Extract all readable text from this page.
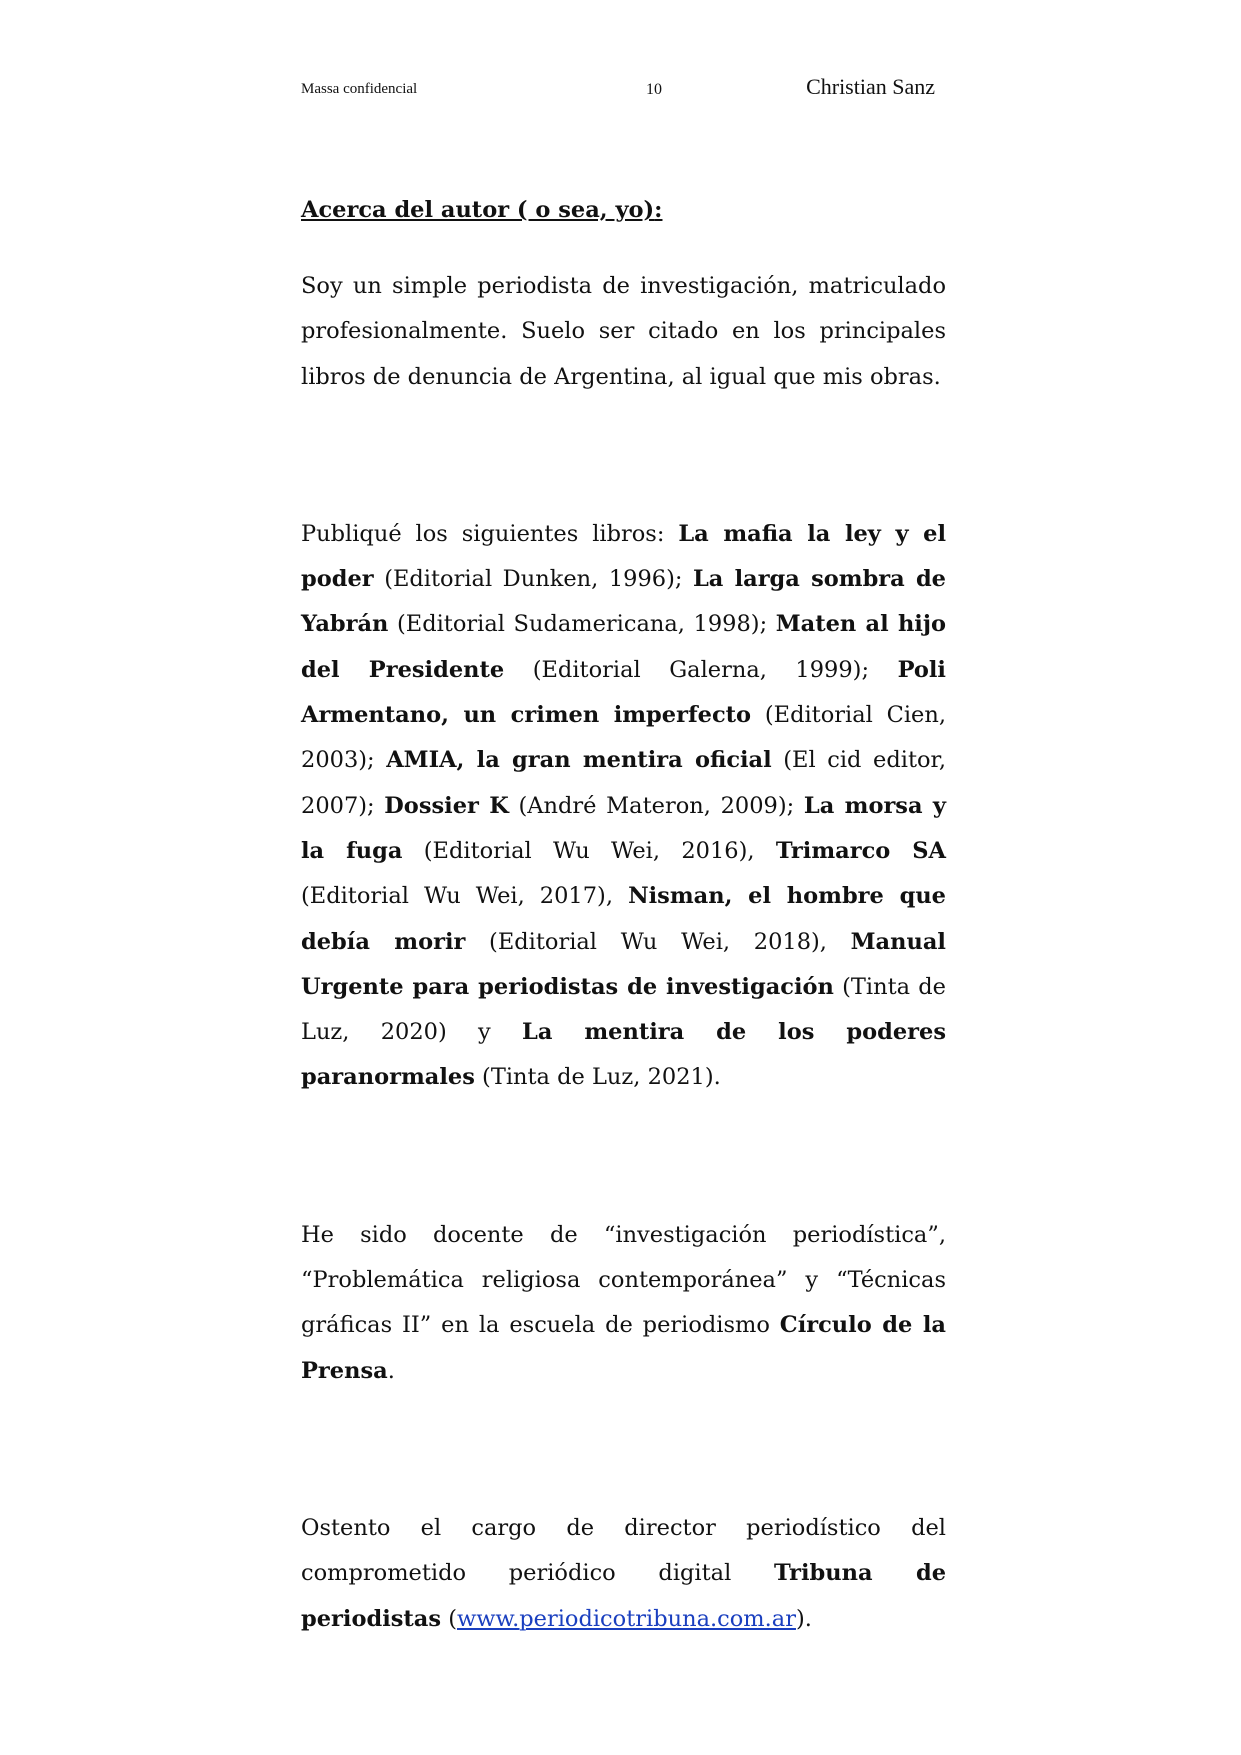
Massa confidencial	10	Christian Sanz

Acerca del autor ( o sea, yo):

Soy un simple periodista de investigación, matriculado profesionalmente. Suelo ser citado en los principales libros de denuncia de Argentina, al igual que mis obras.

Publiqué los siguientes libros: La mafia la ley y el poder (Editorial Dunken, 1996); La larga sombra de Yabrán (Editorial Sudamericana, 1998); Maten al hijo del Presidente (Editorial Galerna, 1999); Poli Armentano, un crimen imperfecto (Editorial Cien, 2003); AMIA, la gran mentira oficial (El cid editor, 2007); Dossier K (André Materon, 2009); La morsa y la fuga (Editorial Wu Wei, 2016), Trimarco SA (Editorial Wu Wei, 2017), Nisman, el hombre que debía morir (Editorial Wu Wei, 2018), Manual Urgente para periodistas de investigación (Tinta de Luz, 2020) y La mentira de los poderes paranormales (Tinta de Luz, 2021).

He sido docente de “investigación periodística”, “Problemática religiosa contemporánea” y “Técnicas gráficas II” en la escuela de periodismo Círculo de la Prensa.

Ostento el cargo de director periodístico del comprometido periódico digital Tribuna de periodistas (www.periodicotribuna.com.ar).
